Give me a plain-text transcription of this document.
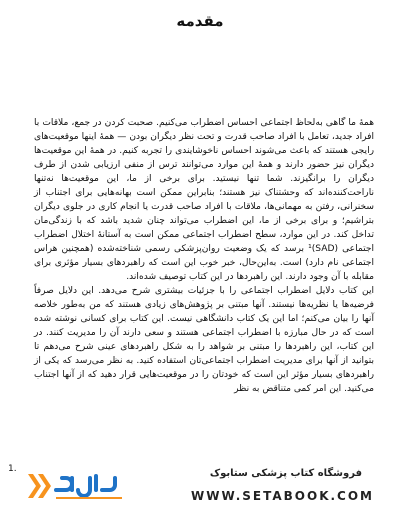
مقدمه

همهٔ ما گاهی به‌لحاظ اجتماعی احساس اضطراب می‌کنیم. صحبت کردن در جمع، ملاقات با افراد جدید، تعامل با افراد صاحب قدرت و تحت نظر دیگران بودن — همهٔ اینها موقعیت‌های رایجی هستند که باعث می‌شوند احساس ناخوشایندی را تجربه کنیم. در همهٔ این موقعیت‌ها دیگران نیز حضور دارند و همهٔ این موارد می‌توانند ترس از منفی ارزیابی شدن از طرف دیگران را برانگیزند. شما تنها نیستید. برای برخی از ما، این موقعیت‌ها نه‌تنها ناراحت‌کننده‌اند که وحشتناک نیز هستند؛ بنابراین ممکن است بهانه‌هایی برای اجتناب از سخنرانی، رفتن به مهمانی‌ها، ملاقات با افراد صاحب قدرت یا انجام کاری در جلوی دیگران بتراشیم؛ و برای برخی از ما، این اضطراب می‌تواند چنان شدید باشد که با زندگی‌مان تداخل کند. در این موارد، سطح اضطراب اجتماعی ممکن است به آستانهٔ اختلال اضطراب اجتماعی (SAD)¹ برسد که یک وضعیت روان‌پزشکی رسمی شناخته‌شده (همچنین هراس اجتماعی نام دارد) است. به‌این‌حال، خبر خوب این است که راهبردهای بسیار مؤثری برای مقابله با آن وجود دارند. این راهبردها در این کتاب توصیف شده‌اند.

این کتاب دلایل اضطراب اجتماعی را با جزئیات بیشتری شرح می‌دهد. این دلایل صرفاً فرضیه‌ها یا نظریه‌ها نیستند. آنها مبتنی بر پژوهش‌های زیادی هستند که من به‌طور خلاصه آنها را بیان می‌کنم؛ اما این یک کتاب دانشگاهی نیست. این کتاب برای کسانی نوشته شده است که در حال مبارزه با اضطراب اجتماعی هستند و سعی دارند آن را مدیریت کنند. در این کتاب، این راهبردها را مبتنی بر شواهد را به شکل راهبردهای عینی شرح می‌دهم تا بتوانید از آنها برای مدیریت اضطراب اجتماعی‌تان استفاده کنید. به نظر می‌رسد که یکی از راهبردهای بسیار مؤثر این است که خودتان را در موقعیت‌هایی قرار دهید که از آنها اجتناب می‌کنید. این امر کمی متناقض به نظر

1.	فروشگاه کتاب پزشکی ستابوک
WWW.SETABOOK.COM
